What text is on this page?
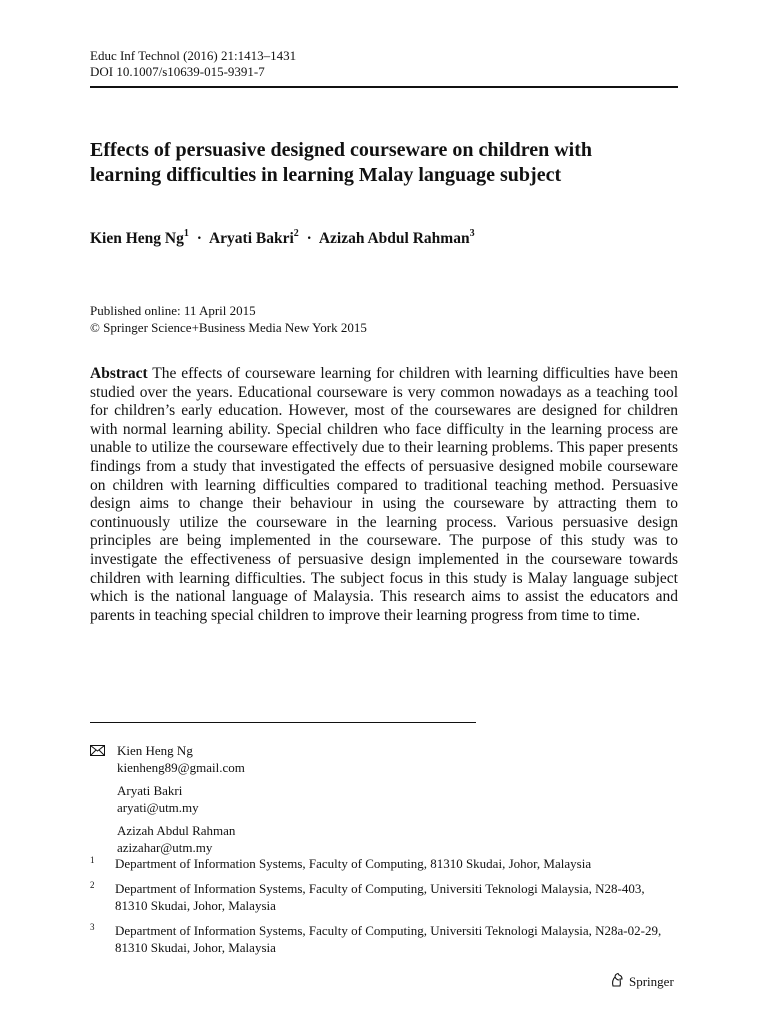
Educ Inf Technol (2016) 21:1413–1431
DOI 10.1007/s10639-015-9391-7
Effects of persuasive designed courseware on children with learning difficulties in learning Malay language subject
Kien Heng $Ng^1$ · Aryati Bakri$^2$ · Azizah Abdul Rahman$^3$
Published online: 11 April 2015
© Springer Science+Business Media New York 2015

Abstract The effects of courseware learning for children with learning difficulties have been studied over the years. Educational courseware is very common nowadays as a teaching tool for children’s early education. However, most of the coursewares are designed for children with normal learning ability. Special children who face difficulty in the learning process are unable to utilize the courseware effectively due to their learning problems. This paper presents findings from a study that investigated the effects of persuasive designed mobile courseware on children with learning difficulties compared to traditional teaching method. Persuasive design aims to change their behaviour in using the courseware by attracting them to continuously utilize the courseware in the learning process. Various persuasive design principles are being implemented in the courseware. The purpose of this study was to investigate the effectiveness of persuasive design implemented in the courseware towards children with learning difficulties. The subject focus in this study is Malay language subject which is the national language of Malaysia. This research aims to assist the educators and parents in teaching special children to improve their learning progress from time to time.

Kien Heng Ng
kienheng89@gmail.com
Aryati Bakri
aryati@utm.my
Azizah Abdul Rahman
azizahar@utm.my
1 Department of Information Systems, Faculty of Computing, 81310 Skudai, Johor, Malaysia
2 Department of Information Systems, Faculty of Computing, Universiti Teknologi Malaysia, N28-403, 81310 Skudai, Johor, Malaysia
3 Department of Information Systems, Faculty of Computing, Universiti Teknologi Malaysia, N28a-02-29, 81310 Skudai, Johor, Malaysia
Springer
